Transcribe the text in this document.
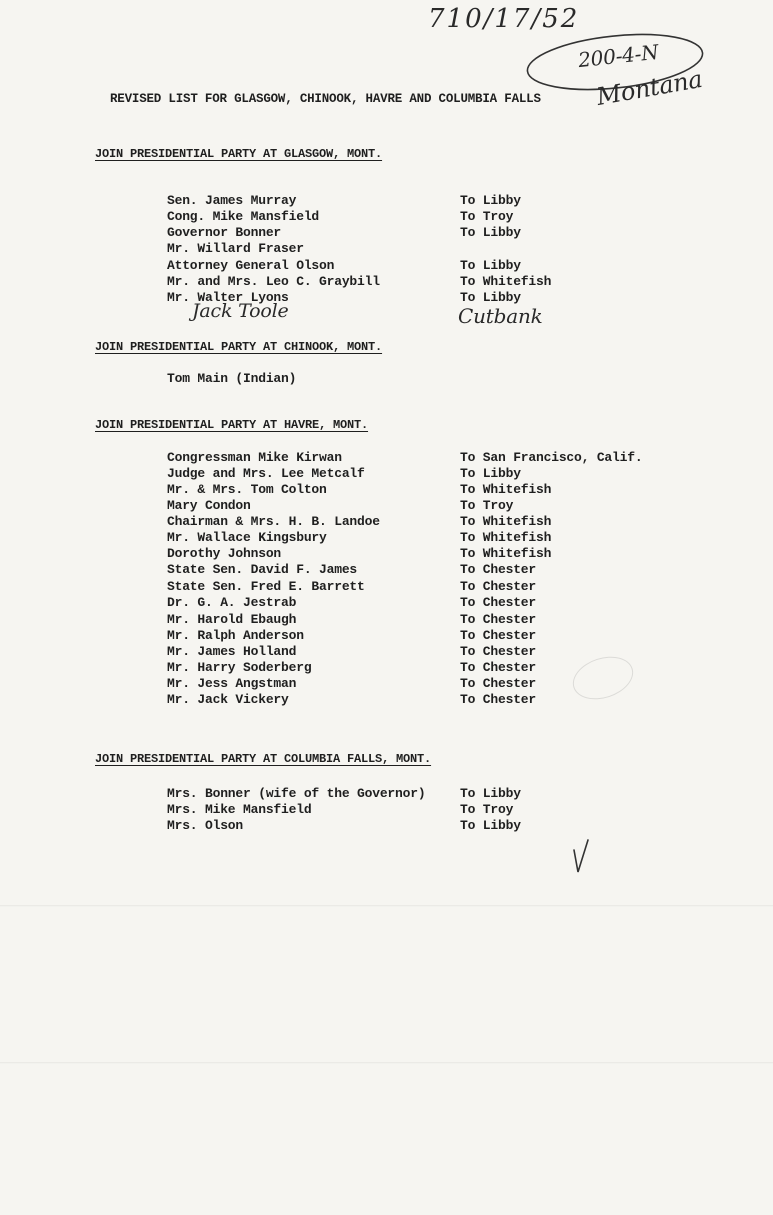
710/17/52
200-4-N
Montana
REVISED LIST FOR GLASGOW, CHINOOK, HAVRE AND COLUMBIA FALLS
JOIN PRESIDENTIAL PARTY AT GLASGOW, MONT.
Sen. James Murray	To Libby
Cong. Mike Mansfield	To Troy
Governor Bonner	To Libby
Mr. Willard Fraser
Attorney General Olson	To Libby
Mr. and Mrs. Leo C. Graybill	To Whitefish
Mr. Walter Lyons	To Libby
Jack Toole	Cutbank
JOIN PRESIDENTIAL PARTY AT CHINOOK, MONT.
Tom Main (Indian)
JOIN PRESIDENTIAL PARTY AT HAVRE, MONT.
Congressman Mike Kirwan	To San Francisco, Calif.
Judge and Mrs. Lee Metcalf	To Libby
Mr. & Mrs. Tom Colton	To Whitefish
Mary Condon	To Troy
Chairman & Mrs. H. B. Landoe	To Whitefish
Mr. Wallace Kingsbury	To Whitefish
Dorothy Johnson	To Whitefish
State Sen. David F. James	To Chester
State Sen. Fred E. Barrett	To Chester
Dr. G. A. Jestrab	To Chester
Mr. Harold Ebaugh	To Chester
Mr. Ralph Anderson	To Chester
Mr. James Holland	To Chester
Mr. Harry Soderberg	To Chester
Mr. Jess Angstman	To Chester
Mr. Jack Vickery	To Chester
JOIN PRESIDENTIAL PARTY AT COLUMBIA FALLS, MONT.
Mrs. Bonner (wife of the Governor)	To Libby
Mrs. Mike Mansfield	To Troy
Mrs. Olson	To Libby
